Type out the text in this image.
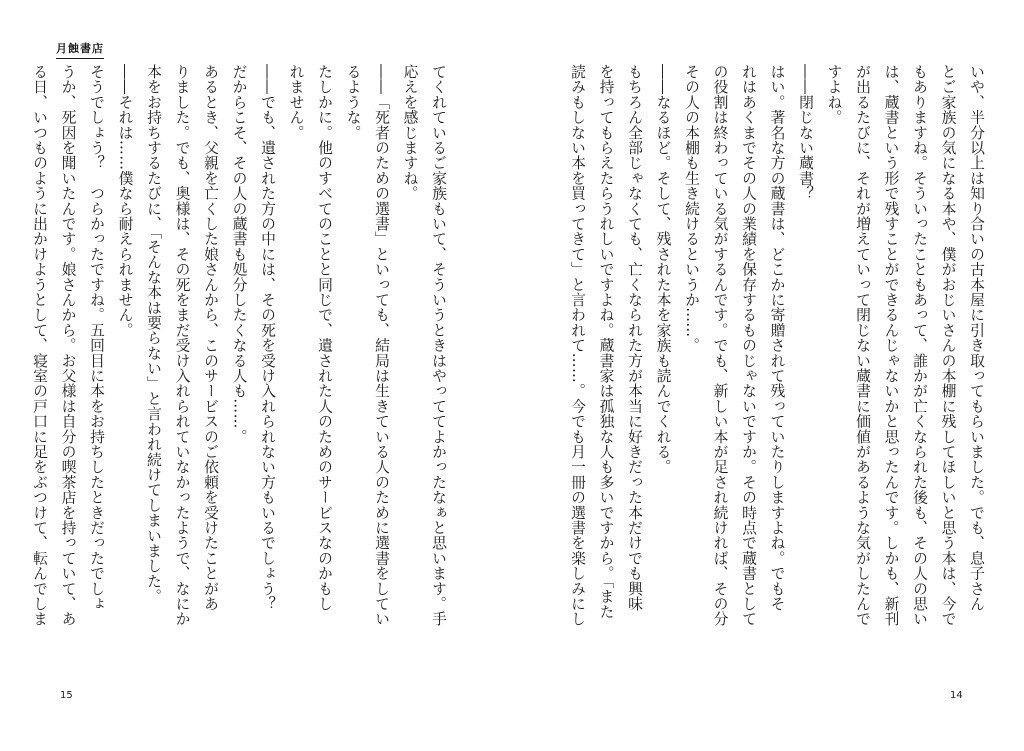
月蝕書店
いや、半分以上は知り合いの古本屋に引き取ってもらいました。でも、息子さん
とご家族の気になる本や、僕がおじいさんの本棚に残してほしいと思う本は、今で
もありますね。そういったこともあって、誰かが亡くなられた後も、その人の思い
は、蔵書という形で残すことができるんじゃないかと思ったんです。しかも、新刊
が出るたびに、それが増えていって閉じない蔵書に価値があるような気がしたんで
すよね。
――閉じない蔵書？
はい。著名な方の蔵書は、どこかに寄贈されて残っていたりしますよね。でもそ
れはあくまでその人の業績を保存するものじゃないですか。その時点で蔵書として
の役割は終わっている気がするんです。でも、新しい本が足され続ければ、その分
その人の本棚も生き続けるというか……。
――なるほど。そして、残された本を家族も読んでくれる。
もちろん全部じゃなくても、亡くなられた方が本当に好きだった本だけでも興味
を持ってもらえたらうれしいですよね。蔵書家は孤独な人も多いですから。「また
読みもしない本を買ってきて」と言われて……。今でも月一冊の選書を楽しみにし
てくれているご家族もいて、そういうときはやっててよかったなぁと思います。手
応えを感じますね。
――「死者のための選書」といっても、結局は生きている人のために選書をしてい
るような。
たしかに。他のすべてのことと同じで、遺された人のためのサービスなのかもし
れません。
――でも、遺された方の中には、その死を受け入れられない方もいるでしょう？
だからこそ、その人の蔵書も処分したくなる人も……。
あるとき、父親を亡くした娘さんから、このサービスのご依頼を受けたことがあ
りました。でも、奥様は、その死をまだ受け入れられていなかったようで、なにか
本をお持ちするたびに、「そんな本は要らない」と言われ続けてしまいました。
――それは……僕なら耐えられません。
そうでしょう？　つらかったですね。五回目に本をお持ちしたときだったでしょ
うか、死因を聞いたんです。娘さんから。お父様は自分の喫茶店を持っていて、あ
る日、いつものように出かけようとして、寝室の戸口に足をぶつけて、転んでしま
15	14
